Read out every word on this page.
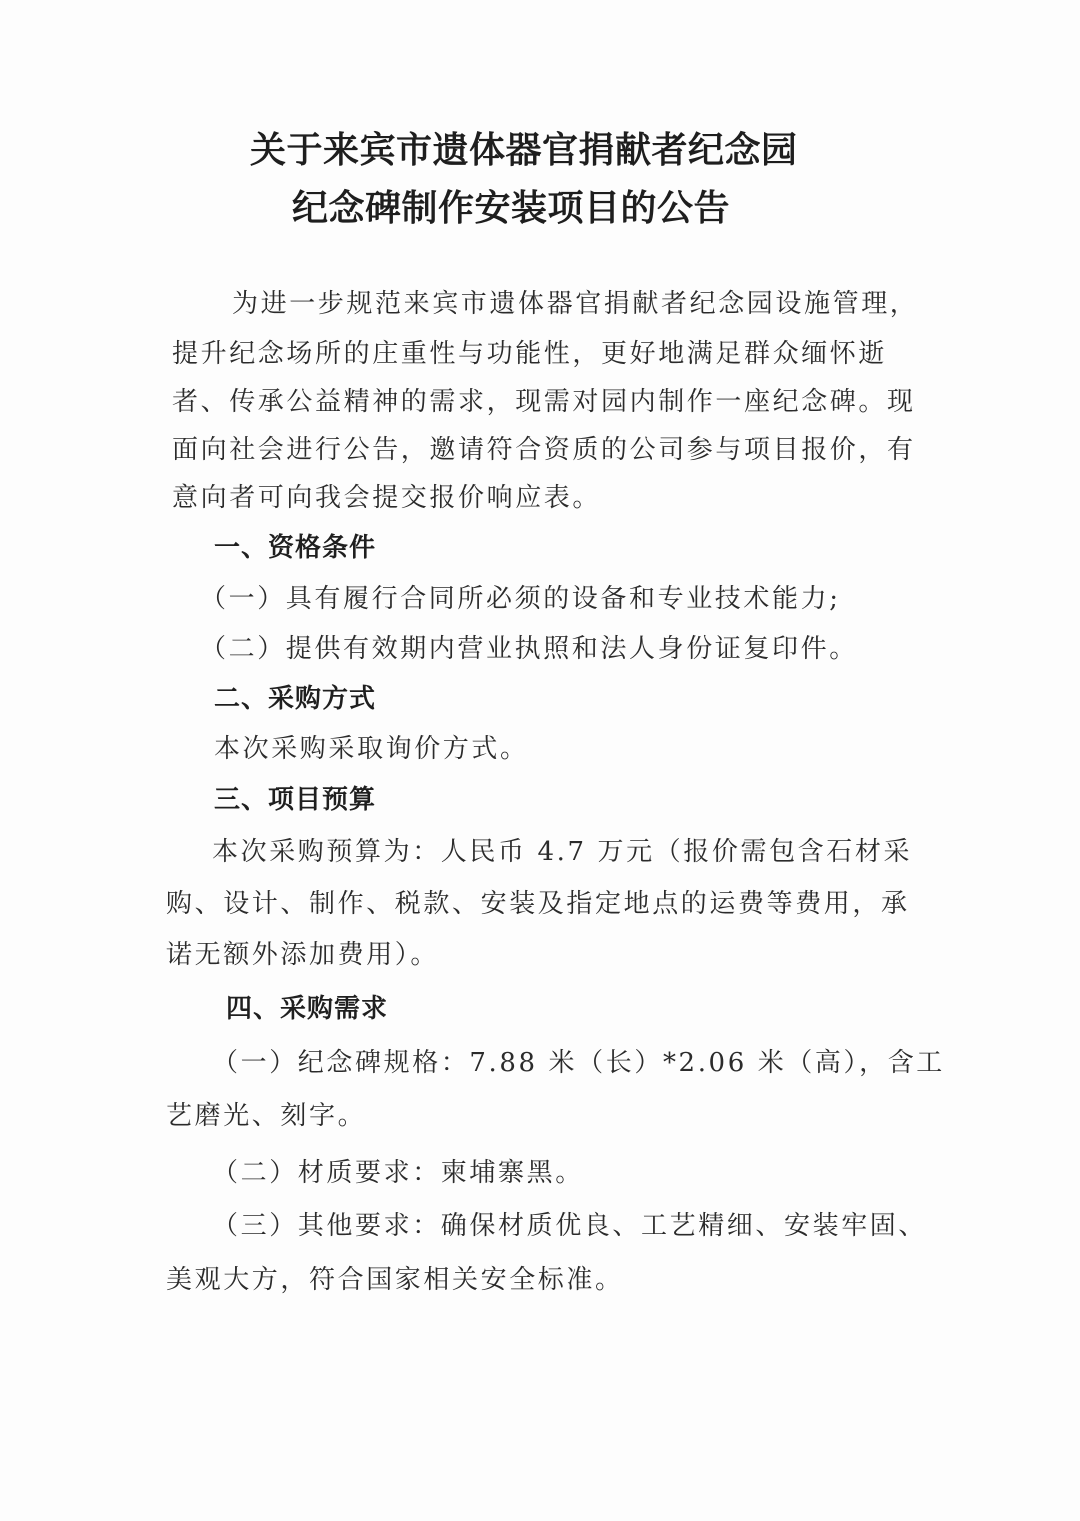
关于来宾市遗体器官捐献者纪念园
纪念碑制作安装项目的公告
为进一步规范来宾市遗体器官捐献者纪念园设施管理，
提升纪念场所的庄重性与功能性，更好地满足群众缅怀逝
者、传承公益精神的需求，现需对园内制作一座纪念碑。现
面向社会进行公告，邀请符合资质的公司参与项目报价，有
意向者可向我会提交报价响应表。
一、资格条件
（一）具有履行合同所必须的设备和专业技术能力;
（二）提供有效期内营业执照和法人身份证复印件。
二、采购方式
本次采购采取询价方式。
三、项目预算
本次采购预算为：人民币 4.7 万元（报价需包含石材采
购、设计、制作、税款、安装及指定地点的运费等费用，承
诺无额外添加费用）。
四、采购需求
（一）纪念碑规格：7.88 米（长）*2.06 米（高），含工
艺磨光、刻字。
（二）材质要求：柬埔寨黑。
（三）其他要求：确保材质优良、工艺精细、安装牢固、
美观大方，符合国家相关安全标准。
